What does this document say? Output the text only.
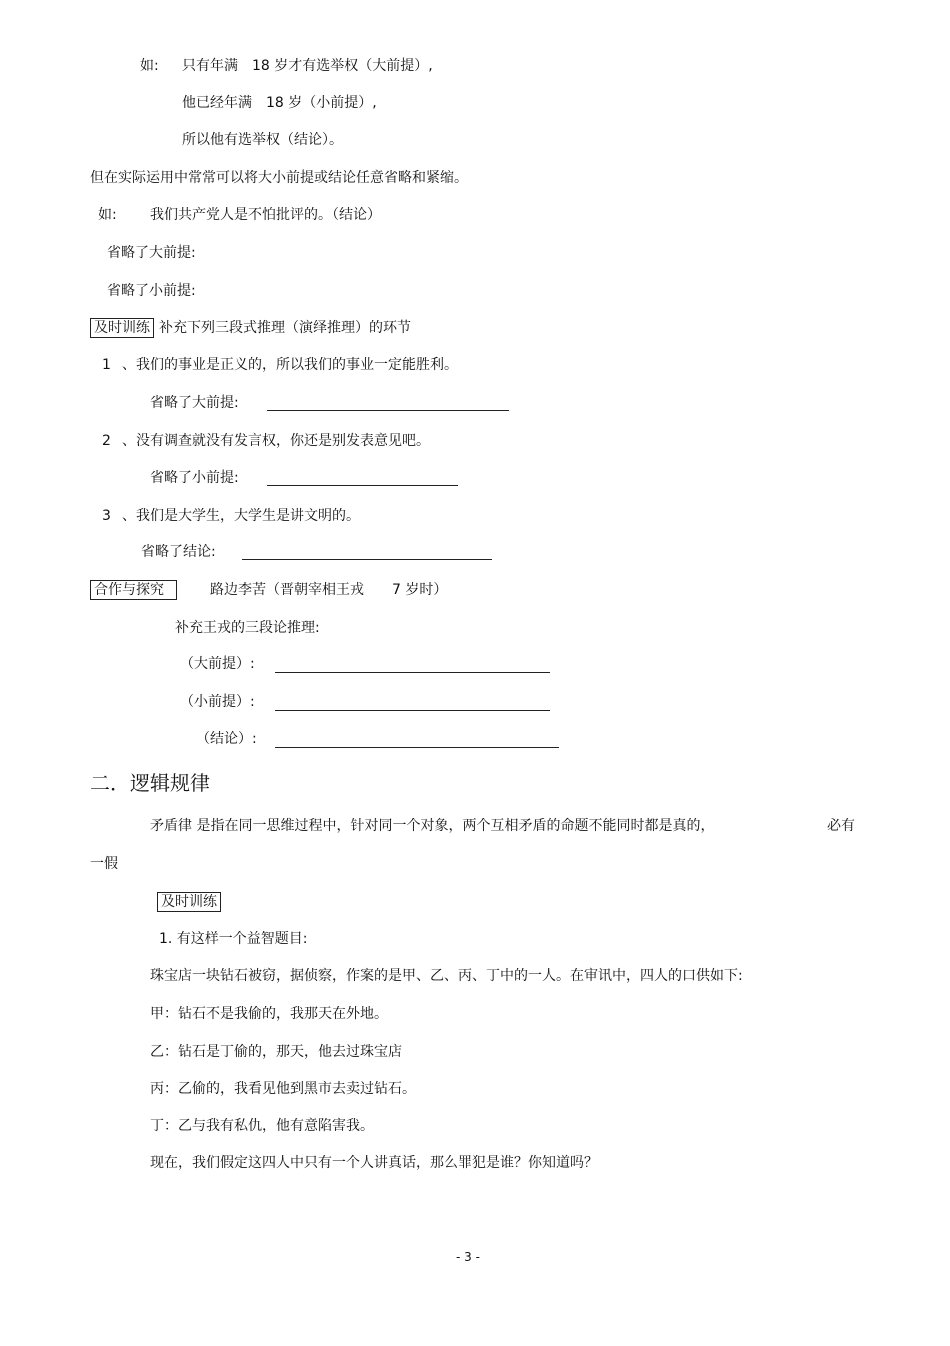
如: 只有年满　18 岁才有选举权（大前提）,
他已经年满　18 岁（小前提）,
所以他有选举权（结论）。
但在实际运用中常常可以将大小前提或结论任意省略和紧缩。
如: 我们共产党人是不怕批评的。（结论）
省略了大前提:
省略了小前提:
及时训练 补充下列三段式推理（演绎推理）的环节
1 、我们的事业是正义的，所以我们的事业一定能胜利。
省略了大前提:
2 、没有调查就没有发言权，你还是别发表意见吧。
省略了小前提:
3 、我们是大学生，大学生是讲文明的。
省略了结论:
合作与探究	路边李苦（晋朝宰相王戎　　7 岁时）
补充王戎的三段论推理:
（大前提）:
（小前提）:
（结论）:
二．逻辑规律
矛盾律 是指在同一思维过程中，针对同一个对象，两个互相矛盾的命题不能同时都是真的，	必有
一假
及时训练
1. 有这样一个益智题目:
珠宝店一块钻石被窃，据侦察，作案的是甲、乙、丙、丁中的一人。在审讯中，四人的口供如下:
甲：钻石不是我偷的，我那天在外地。
乙：钻石是丁偷的，那天，他去过珠宝店
丙：乙偷的，我看见他到黑市去卖过钻石。
丁：乙与我有私仇，他有意陷害我。
现在，我们假定这四人中只有一个人讲真话，那么罪犯是谁？你知道吗？
- 3 -
